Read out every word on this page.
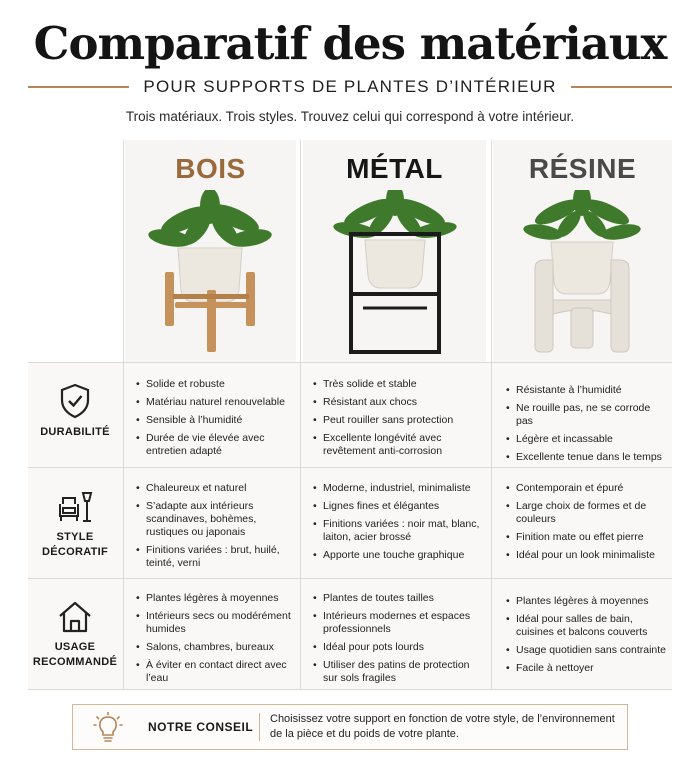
Comparatif des matériaux
POUR SUPPORTS DE PLANTES D’INTÉRIEUR
Trois matériaux. Trois styles. Trouvez celui qui correspond à votre intérieur.
BOIS	MÉTAL	RÉSINE
DURABILITÉ
• Solide et robuste
• Matériau naturel renouvelable
• Sensible à l’humidité
• Durée de vie élevée avec entretien adapté
• Très solide et stable
• Résistant aux chocs
• Peut rouiller sans protection
• Excellente longévité avec revêtement anti-corrosion
• Résistante à l’humidité
• Ne rouille pas, ne se corrode pas
• Légère et incassable
• Excellente tenue dans le temps
STYLE
DÉCORATIF
• Chaleureux et naturel
• S’adapte aux intérieurs scandinaves, bohèmes, rustiques ou japonais
• Finitions variées : brut, huilé, teinté, verni
• Moderne, industriel, minimaliste
• Lignes fines et élégantes
• Finitions variées : noir mat, blanc, laiton, acier brossé
• Apporte une touche graphique
• Contemporain et épuré
• Large choix de formes et de couleurs
• Finition mate ou effet pierre
• Idéal pour un look minimaliste
USAGE
RECOMMANDÉ
• Plantes légères à moyennes
• Intérieurs secs ou modérément humides
• Salons, chambres, bureaux
• À éviter en contact direct avec l’eau
• Plantes de toutes tailles
• Intérieurs modernes et espaces professionnels
• Idéal pour pots lourds
• Utiliser des patins de protection sur sols fragiles
• Plantes légères à moyennes
• Idéal pour salles de bain, cuisines et balcons couverts
• Usage quotidien sans contrainte
• Facile à nettoyer
NOTRE CONSEIL
Choisissez votre support en fonction de votre style, de l’environnement de la pièce et du poids de votre plante.
